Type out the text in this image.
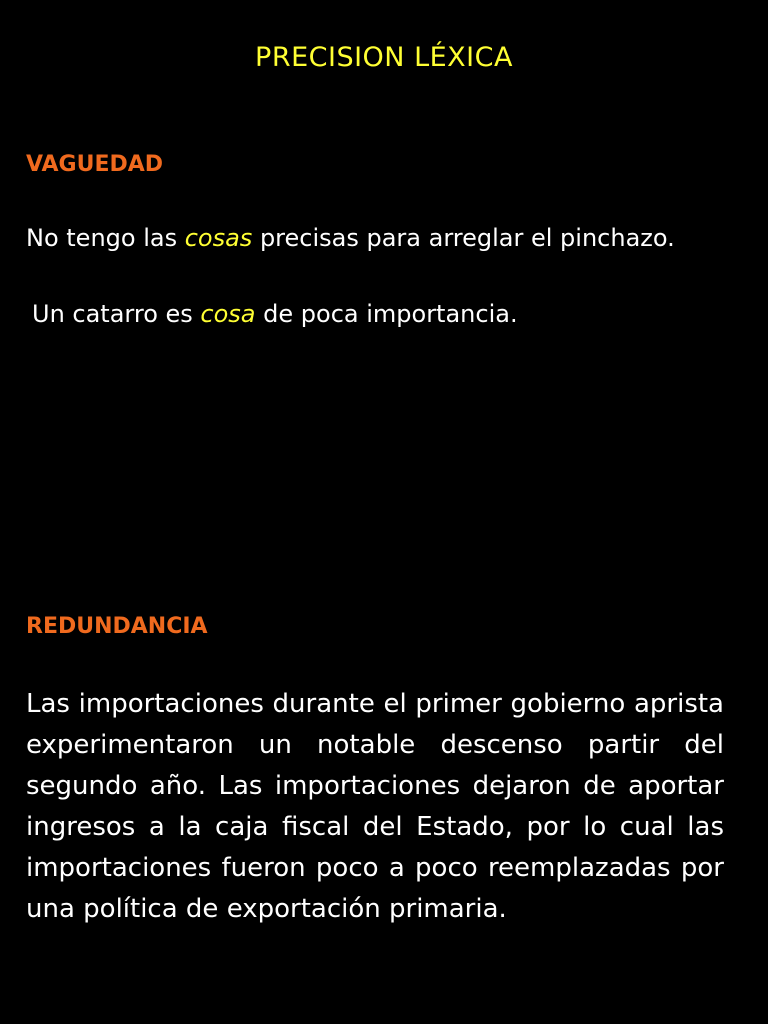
PRECISION LÉXICA
VAGUEDAD
No tengo las cosas precisas para arreglar el pinchazo.
Un catarro es cosa de poca importancia.
REDUNDANCIA
Las importaciones durante el primer gobierno aprista experimentaron un notable descenso partir del segundo año. Las importaciones dejaron de aportar ingresos a la caja fiscal del Estado, por lo cual las importaciones fueron poco a poco reemplazadas por una política de exportación primaria.
